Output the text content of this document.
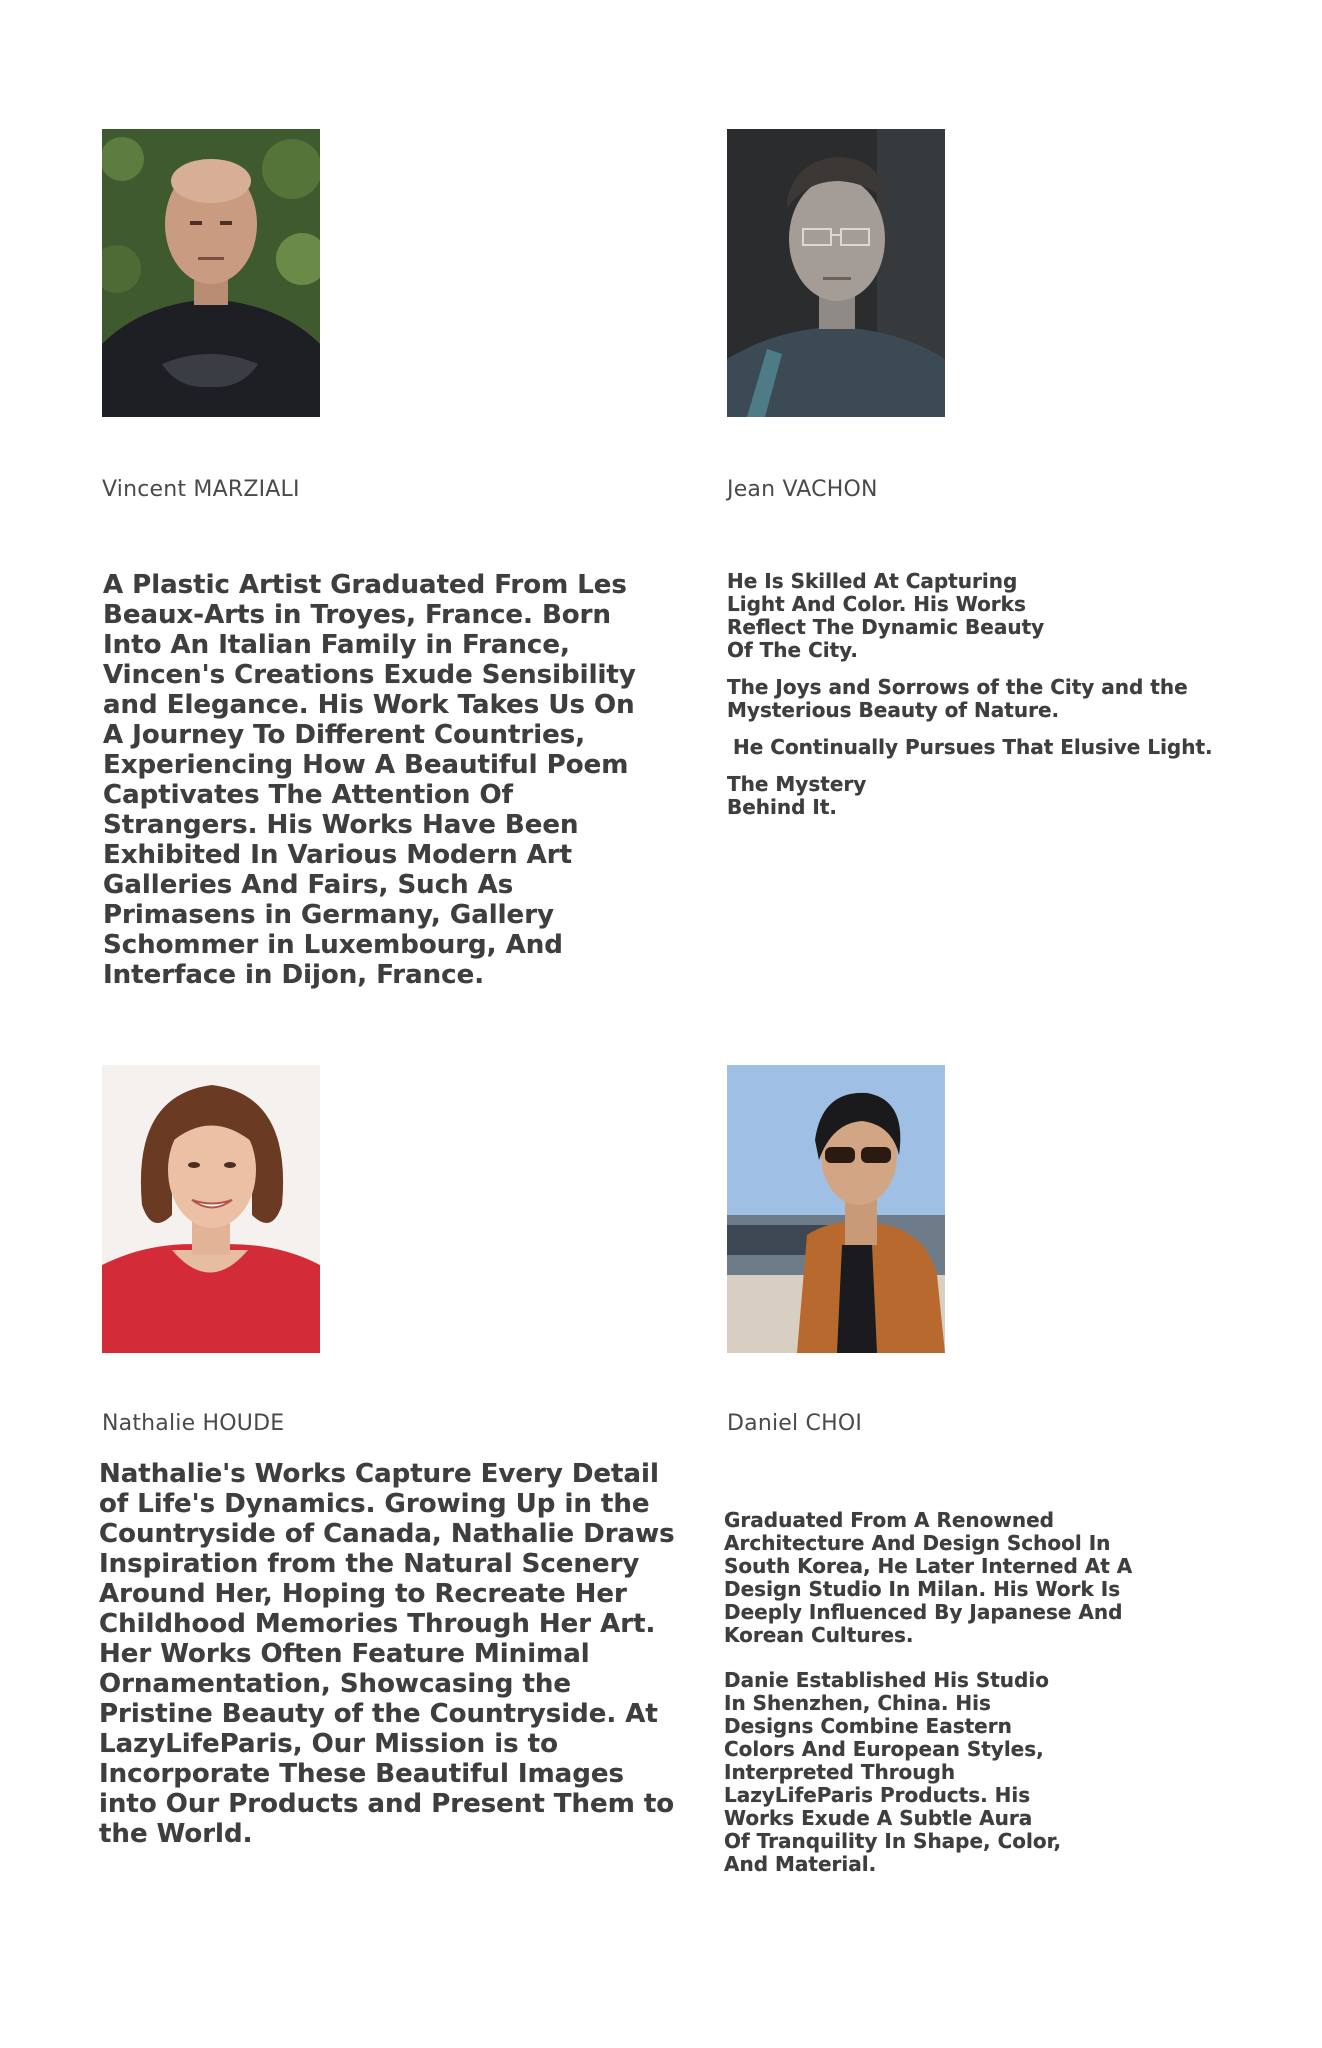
Vincent MARZIALI

A Plastic Artist Graduated From Les Beaux-Arts in Troyes, France. Born Into An Italian Family in France, Vincen's Creations Exude Sensibility and Elegance. His Work Takes Us On A Journey To Different Countries, Experiencing How A Beautiful Poem Captivates The Attention Of Strangers. His Works Have Been Exhibited In Various Modern Art Galleries And Fairs, Such As Primasens in Germany, Gallery Schommer in Luxembourg, And Interface in Dijon, France.

Jean VACHON

He Is Skilled At Capturing Light And Color. His Works Reflect The Dynamic Beauty Of The City.

The Joys and Sorrows of the City and the Mysterious Beauty of Nature.

He Continually Pursues That Elusive Light.

The Mystery Behind It.

Nathalie HOUDE

Nathalie's Works Capture Every Detail of Life's Dynamics. Growing Up in the Countryside of Canada, Nathalie Draws Inspiration from the Natural Scenery Around Her, Hoping to Recreate Her Childhood Memories Through Her Art. Her Works Often Feature Minimal Ornamentation, Showcasing the Pristine Beauty of the Countryside. At LazyLifeParis, Our Mission is to Incorporate These Beautiful Images into Our Products and Present Them to the World.

Daniel CHOI

Graduated From A Renowned Architecture And Design School In South Korea, He Later Interned At A Design Studio In Milan. His Work Is Deeply Influenced By Japanese And Korean Cultures.

Danie Established His Studio In Shenzhen, China. His Designs Combine Eastern Colors And European Styles, Interpreted Through LazyLifeParis Products. His Works Exude A Subtle Aura Of Tranquility In Shape, Color, And Material.
